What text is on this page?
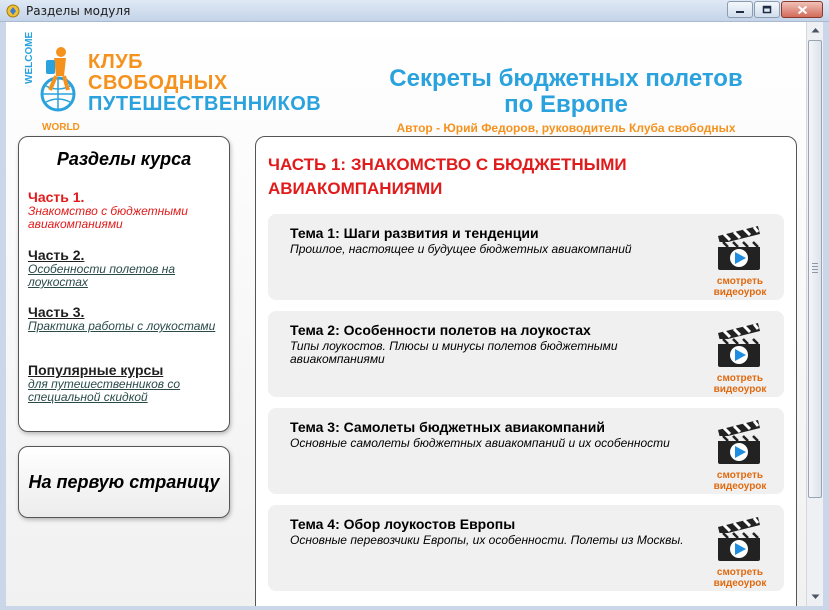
Разделы модуля
WELCOME
WORLD
КЛУБ
СВОБОДНЫХ
ПУТЕШЕСТВЕННИКОВ
Секреты бюджетных полетов
по Европе
Автор - Юрий Федоров, руководитель Клуба свободных
Разделы курса
Часть 1.
Знакомство с бюджетными авиакомпаниями
Часть 2.
Особенности полетов на лоукостах
Часть 3.
Практика работы с лоукостами
Популярные курсы
для путешественников со специальной скидкой
На первую страницу
ЧАСТЬ 1: ЗНАКОМСТВО С БЮДЖЕТНЫМИ АВИАКОМПАНИЯМИ
Тема 1: Шаги развития и тенденции
Прошлое, настоящее и будущее бюджетных авиакомпаний
смотреть
видеоурок
Тема 2: Особенности полетов на лоукостах
Типы лоукостов. Плюсы и минусы полетов бюджетными авиакомпаниями
смотреть
видеоурок
Тема 3: Самолеты бюджетных авиакомпаний
Основные самолеты бюджетных авиакомпаний и их особенности
смотреть
видеоурок
Тема 4: Обор лоукостов Европы
Основные перевозчики Европы, их особенности. Полеты из Москвы.
смотреть
видеоурок
